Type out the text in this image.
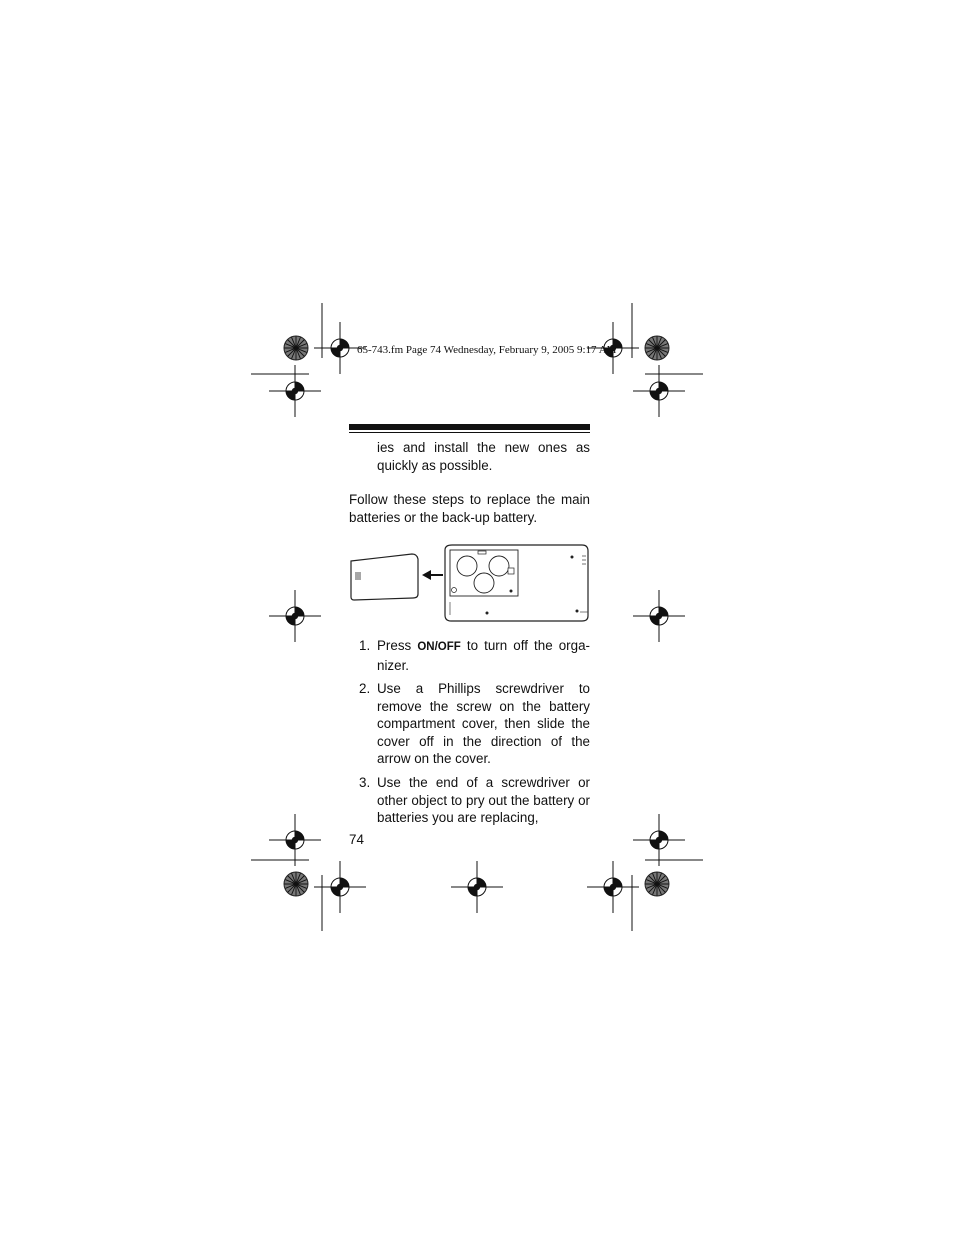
65-743.fm Page 74 Wednesday, February 9, 2005 9:17 AM
ies and install the new ones as quickly as possible.
Follow these steps to replace the main batteries or the back-up battery.
1. Press ON/OFF to turn off the orga-nizer.
2. Use a Phillips screwdriver to remove the screw on the battery compartment cover, then slide the cover off in the direction of the arrow on the cover.
3. Use the end of a screwdriver or other object to pry out the battery or batteries you are replacing,
74
